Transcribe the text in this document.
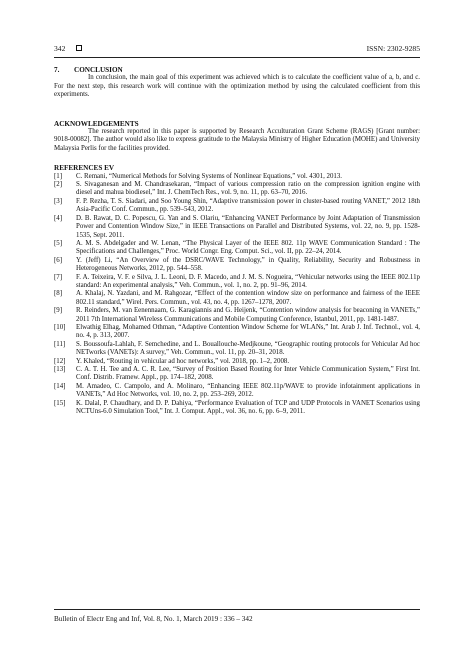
342	ISSN: 2302-9285
7. CONCLUSION

In conclusion, the main goal of this experiment was achieved which is to calculate the coefficient value of a, b, and c. For the next step, this research work will continue with the optimization method by using the calculated coefficient from this experiments.

ACKNOWLEDGEMENTS

The research reported in this paper is supported by Research Acculturation Grant Scheme (RAGS) [Grant number: 9018-00082]. The author would also like to express gratitude to the Malaysia Ministry of Higher Education (MOHE) and University Malaysia Perlis for the facilities provided.

REFERENCES EV
[1]	C. Remani, “Numerical Methods for Solving Systems of Nonlinear Equations,” vol. 4301, 2013.
[2]	S. Sivaganesan and M. Chandrasekaran, “Impact of various compression ratio on the compression ignition engine with diesel and mahua biodiesel,” Int. J. ChemTech Res., vol. 9, no. 11, pp. 63–70, 2016.
[3]	F. P. Rezha, T. S. Siadari, and Soo Young Shin, “Adaptive transmission power in cluster-based routing VANET,” 2012 18th Asia-Pacific Conf. Commun., pp. 539–543, 2012.
[4]	D. B. Rawat, D. C. Popescu, G. Yan and S. Olariu, “Enhancing VANET Performance by Joint Adaptation of Transmission Power and Contention Window Size,” in IEEE Transactions on Parallel and Distributed Systems, vol. 22, no. 9, pp. 1528-1535, Sept. 2011.
[5]	A. M. S. Abdelgader and W. Lenan, “The Physical Layer of the IEEE 802. 11p WAVE Communication Standard : The Specifications and Challenges,” Proc. World Congr. Eng. Comput. Sci., vol. II, pp. 22–24, 2014.
[6]	Y. (Jeff) Li, “An Overview of the DSRC/WAVE Technology,” in Quality, Reliability, Security and Robustness in Heterogeneous Networks, 2012, pp. 544–558.
[7]	F. A. Teixeira, V. F. e Silva, J. L. Leoni, D. F. Macedo, and J. M. S. Nogueira, “Vehicular networks using the IEEE 802.11p standard: An experimental analysis,” Veh. Commun., vol. 1, no. 2, pp. 91–96, 2014.
[8]	A. Khalaj, N. Yazdani, and M. Rahgozar, “Effect of the contention window size on performance and fairness of the IEEE 802.11 standard,” Wirel. Pers. Commun., vol. 43, no. 4, pp. 1267–1278, 2007.
[9]	R. Reinders, M. van Eenennaam, G. Karagiannis and G. Heijenk, “Contention window analysis for beaconing in VANETs,” 2011 7th International Wireless Communications and Mobile Computing Conference, Istanbul, 2011, pp. 1481-1487.
[10]	Elwathig Elhag, Mohamed Othman, “Adaptive Contention Window Scheme for WLANs,” Int. Arab J. Inf. Technol., vol. 4, no. 4, p. 313, 2007.
[11]	S. Boussoufa-Lahlah, F. Semchedine, and L. Bouallouche-Medjkoune, “Geographic routing protocols for Vehicular Ad hoc NETworks (VANETs): A survey,” Veh. Commun., vol. 11, pp. 20–31, 2018.
[12]	Y. Khaled, “Routing in vehicular ad hoc networks,” vol. 2018, pp. 1–2, 2008.
[13]	C. A. T. H. Tee and A. C. R. Lee, “Survey of Position Based Routing for Inter Vehicle Communication System,” First Int. Conf. Distrib. Framew. Appl., pp. 174–182, 2008.
[14]	M. Amadeo, C. Campolo, and A. Molinaro, “Enhancing IEEE 802.11p/WAVE to provide infotainment applications in VANETs,” Ad Hoc Networks, vol. 10, no. 2, pp. 253–269, 2012.
[15]	K. Dalal, P. Chaudhary, and D. P. Dahiya, “Performance Evaluation of TCP and UDP Protocols in VANET Scenarios using NCTUns-6.0 Simulation Tool,” Int. J. Comput. Appl., vol. 36, no. 6, pp. 6–9, 2011.
Bulletin of Electr Eng and Inf, Vol. 8, No. 1, March 2019 : 336 – 342
